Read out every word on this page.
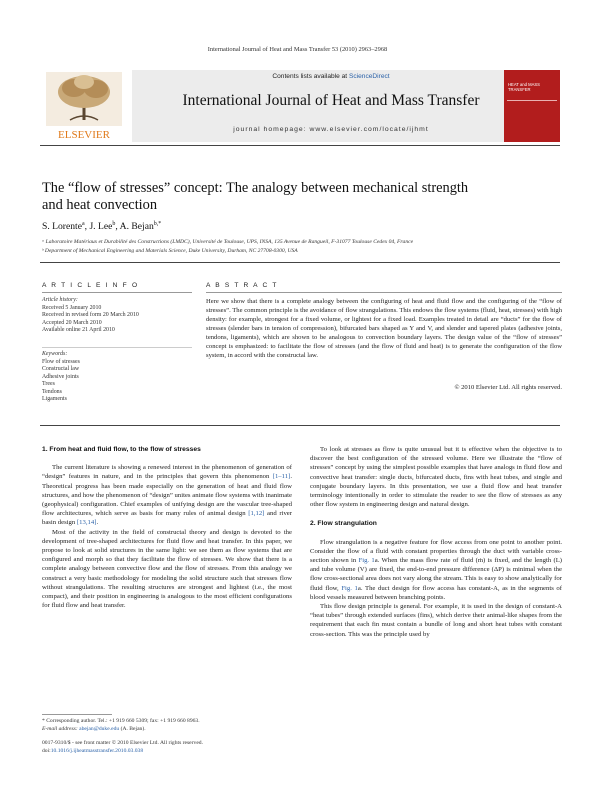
International Journal of Heat and Mass Transfer 53 (2010) 2963–2968
ELSEVIER
Contents lists available at ScienceDirect
International Journal of Heat and Mass Transfer
journal homepage: www.elsevier.com/locate/ijhmt
HEAT and MASS TRANSFER
The “flow of stresses” concept: The analogy between mechanical strength
and heat convection
S. Lorente$^a$, J. Lee$^b$, A. Bejan$^{b,*}$
ᵃ Laboratoire Matériaux et Durabilité des Constructions (LMDC), Université de Toulouse, UPS, INSA, 135 Avenue de Rangueil, F-31077 Toulouse Cedex 04, France
ᵇ Department of Mechanical Engineering and Materials Science, Duke University, Durham, NC 27708-0300, USA
A R T I C L E I N F O	A B S T R A C T
Article history:
Received 5 January 2010
Received in revised form 20 March 2010
Accepted 20 March 2010
Available online 21 April 2010
Keywords:
Flow of stresses
Constructal law
Adhesive joints
Trees
Tendons
Ligaments
Here we show that there is a complete analogy between the configuring of heat and fluid flow and the configuring of the “flow of stresses”. The common principle is the avoidance of flow strangulations. This endows the flow systems (fluid, heat, stresses) with high density: for example, strongest for a fixed volume, or lightest for a fixed load. Examples treated in detail are “ducts” for the flow of stresses (slender bars in tension of compression), bifurcated bars shaped as Y and V, and slender and tapered plates (adhesive joints, tendons, ligaments), which are shown to be analogous to convection boundary layers. The design value of the “flow of stresses” concept is emphasized: to facilitate the flow of stresses (and the flow of fluid and heat) is to generate the configuration of the flow system, in accord with the constructal law.
© 2010 Elsevier Ltd. All rights reserved.
1. From heat and fluid flow, to the flow of stresses

The current literature is showing a renewed interest in the phenomenon of generation of “design” features in nature, and in the principles that govern this phenomenon [1–11]. Theoretical progress has been made especially on the generation of heat and fluid flow structures, and how the phenomenon of “design” unites animate flow systems with inanimate (geophysical) configuration. Chief examples of unifying design are the vascular tree-shaped flow architectures, which serve as basis for many rules of animal design [1,12] and river basin design [13,14].

Most of the activity in the field of constructal theory and design is devoted to the development of tree-shaped architectures for fluid flow and heat transfer. In this paper, we propose to look at solid structures in the same light: we see them as flow systems that are configured and morph so that they facilitate the flow of stresses. We show that there is a complete analogy between convective flow and the flow of stresses. From this analogy we construct a very basic methodology for modeling the solid structure such that stresses flow without strangulations. The resulting structures are strongest and lightest (i.e., the most compact), and their position in engineering is analogous to the most efficient configurations for fluid flow and heat transfer.

To look at stresses as flow is quite unusual but it is effective when the objective is to discover the best configuration of the stressed volume. Here we illustrate the “flow of stresses” concept by using the simplest possible examples that have analogs in fluid flow and convective heat transfer: single ducts, bifurcated ducts, fins with heat tubes, and single and conjugate boundary layers. In this presentation, we use a fluid flow and heat transfer terminology intentionally in order to stimulate the reader to see the flow of stresses as any other flow system in engineering design and natural design.

2. Flow strangulation

Flow strangulation is a negative feature for flow access from one point to another point. Consider the flow of a fluid with constant properties through the duct with variable cross-section shown in Fig. 1a. When the mass flow rate of fluid (ṁ) is fixed, and the length (L) and tube volume (V) are fixed, the end-to-end pressure difference (ΔP) is minimal when the flow cross-sectional area does not vary along the stream. This is easy to show analytically for fluid flow, Fig. 1a. The duct design for flow access has constant-A, as in the segments of blood vessels measured between branching points.

This flow design principle is general. For example, it is used in the design of constant-A “heat tubes” through extended surfaces (fins), which derive their animal-like shapes from the requirement that each fin must contain a bundle of long and short heat tubes with constant cross-section. This was the principle used by

* Corresponding author. Tel.: +1 919 660 5309; fax: +1 919 660 8963.
E-mail address: abejan@duke.edu (A. Bejan).
0017-9310/$ - see front matter © 2010 Elsevier Ltd. All rights reserved.
doi:10.1016/j.ijheatmasstransfer.2010.03.038
